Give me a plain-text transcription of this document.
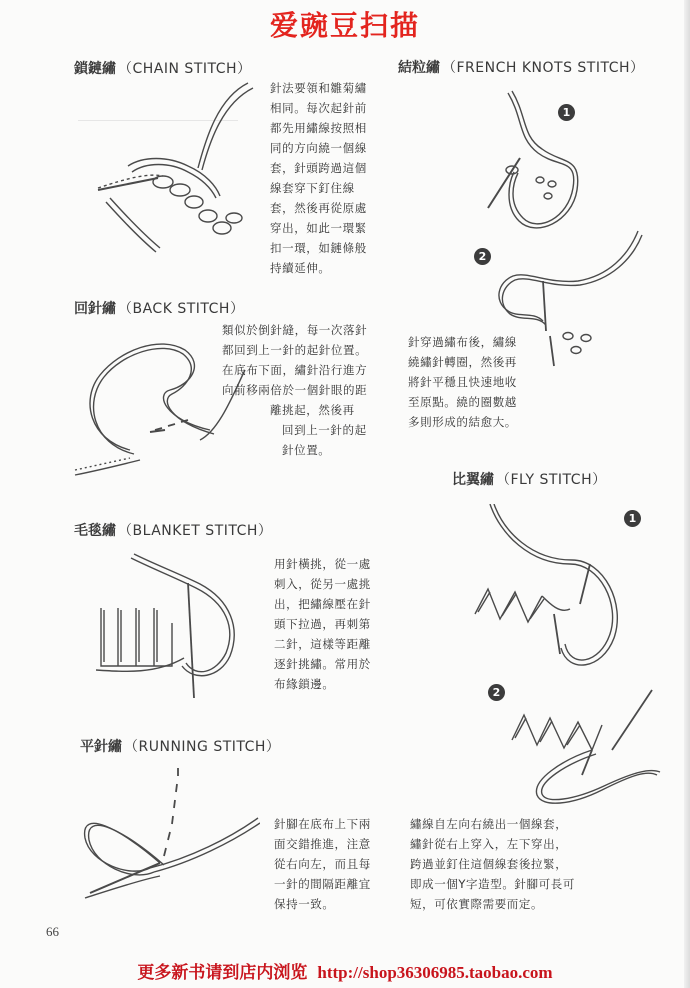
爱豌豆扫描
鎖鏈繡 （CHAIN STITCH）

針法要領和雛菊繡

相同。每次起針前

都先用繡線按照相

同的方向繞一個線

套，針頭跨過這個

線套穿下釘住線

套，然後再從原處

穿出，如此一環緊

扣一環，如鏈條般

持續延伸。

回針繡 （BACK STITCH）

類似於倒針縫，每一次落針

都回到上一針的起針位置。

在底布下面，繡針沿行進方

向前移兩倍於一個針眼的距

離挑起，然後再

回到上一針的起

針位置。

毛毯繡 （BLANKET STITCH）

用針橫挑，從一處

刺入，從另一處挑

出，把繡線壓在針

頭下拉過，再刺第

二針，這樣等距離

逐針挑繡。常用於

布緣鎖邊。

平針繡 （RUNNING STITCH）

針腳在底布上下兩

面交錯推進，注意

從右向左，而且每

一針的間隔距離宜

保持一致。

結粒繡 （FRENCH KNOTS STITCH）
1
2

針穿過繡布後，繡線

繞繡針轉圈，然後再

將針平穩且快速地收

至原點。繞的圈數越

多則形成的結愈大。

比翼繡 （FLY STITCH）
1
2

繡線自左向右繞出一個線套，

繡針從右上穿入，左下穿出，

跨過並釘住這個線套後拉緊，

即成一個Y字造型。針腳可長可

短，可依實際需要而定。

66
更多新书请到店内浏览 http://shop36306985.taobao.com
